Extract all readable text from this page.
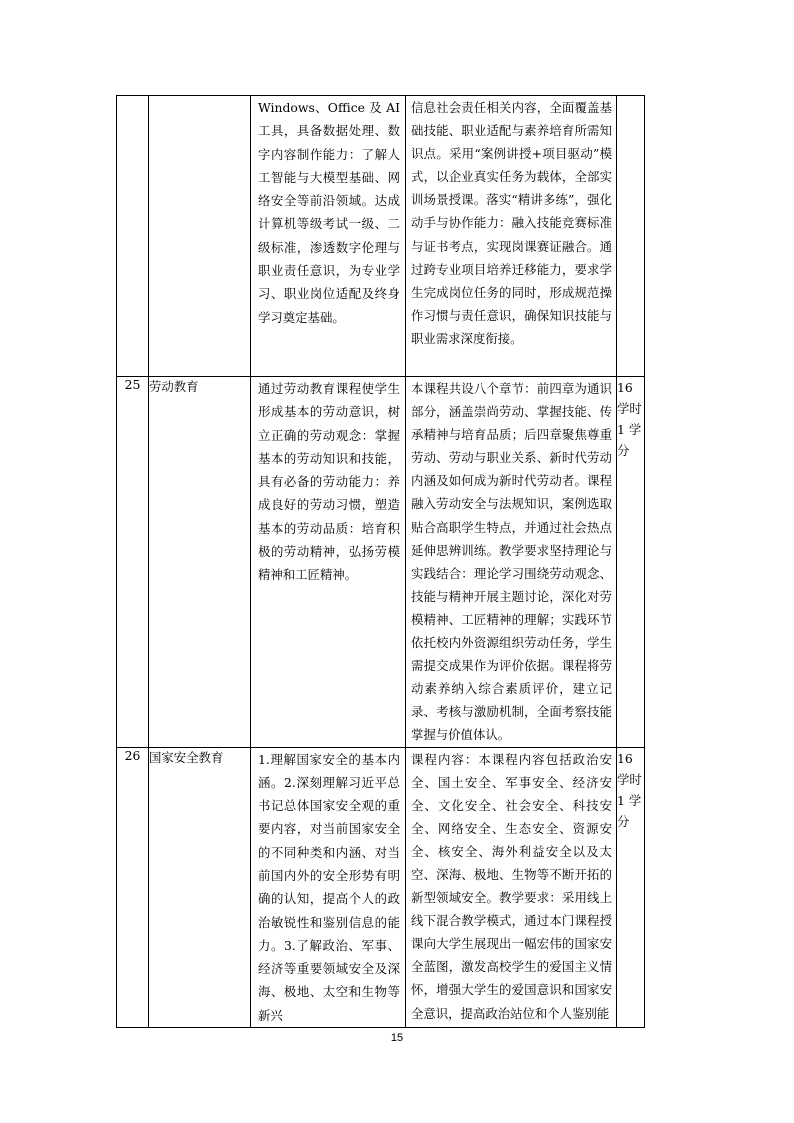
		Windows、Office 及 AI 工具，具备数据处理、数字内容制作能力：了解人工智能与大模型基础、网络安全等前沿领域。达成计算机等级考试一级、二级标准，渗透数字伦理与职业责任意识，为专业学习、职业岗位适配及终身学习奠定基础。	信息社会责任相关内容，全面覆盖基础技能、职业适配与素养培育所需知识点。采用“案例讲授+项目驱动”模式，以企业真实任务为载体，全部实训场景授课。落实“精讲多练”，强化动手与协作能力：融入技能竞赛标准与证书考点，实现岗课赛证融合。通过跨专业项目培养迁移能力，要求学生完成岗位任务的同时，形成规范操作习惯与责任意识，确保知识技能与职业需求深度衔接。	

25	劳动教育	通过劳动教育课程使学生形成基本的劳动意识，树立正确的劳动观念：掌握基本的劳动知识和技能，具有必备的劳动能力：养成良好的劳动习惯，塑造基本的劳动品质：培育积极的劳动精神，弘扬劳模精神和工匠精神。	本课程共设八个章节：前四章为通识部分，涵盖崇尚劳动、掌握技能、传承精神与培育品质；后四章聚焦尊重劳动、劳动与职业关系、新时代劳动内涵及如何成为新时代劳动者。课程融入劳动安全与法规知识，案例选取贴合高职学生特点，并通过社会热点延伸思辨训练。教学要求坚持理论与实践结合：理论学习围绕劳动观念、技能与精神开展主题讨论，深化对劳模精神、工匠精神的理解；实践环节依托校内外资源组织劳动任务，学生需提交成果作为评价依据。课程将劳动素养纳入综合素质评价，建立记录、考核与激励机制，全面考察技能掌握与价值体认。	16 学时 1 学分
26	国家安全教育	1.理解国家安全的基本内涵。2.深刻理解习近平总书记总体国家安全观的重要内容，对当前国家安全的不同种类和内涵、对当前国内外的安全形势有明确的认知，提高个人的政治敏锐性和鉴别信息的能力。3.了解政治、军事、经济等重要领域安全及深海、极地、太空和生物等新兴	课程内容：本课程内容包括政治安全、国土安全、军事安全、经济安全、文化安全、社会安全、科技安全、网络安全、生态安全、资源安全、核安全、海外利益安全以及太空、深海、极地、生物等不断开拓的新型领域安全。教学要求：采用线上线下混合教学模式，通过本门课程授课向大学生展现出一幅宏伟的国家安全蓝图，激发高校学生的爱国主义情怀，增强大学生的爱国意识和国家安全意识，提高政治站位和个人鉴别能	16 学时 1 学分
15
